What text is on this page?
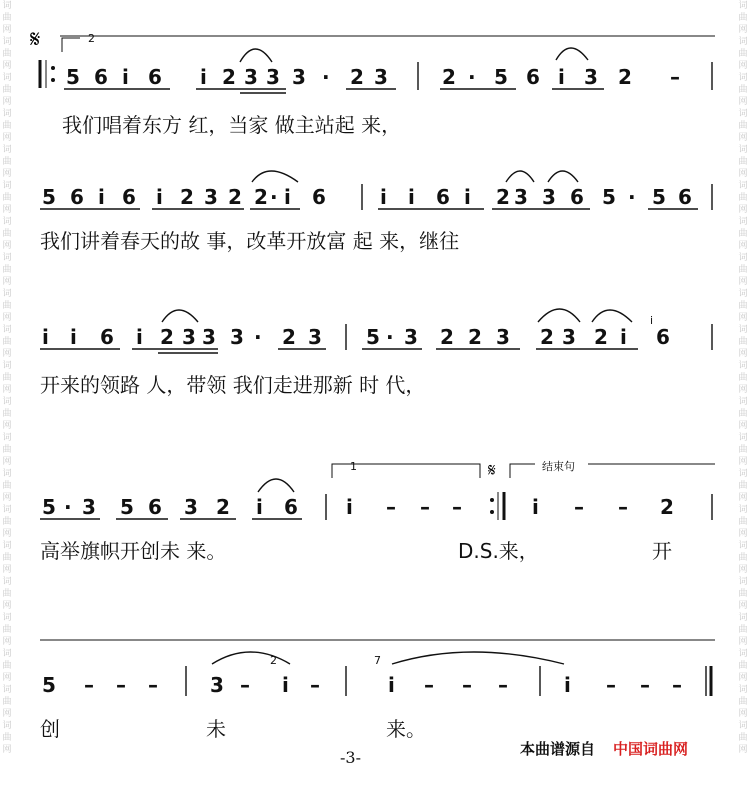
词
曲
网
词
曲
网
词
曲
网
词
曲
网
词
曲
网
词
曲
网
词
曲
网
词
曲
网
词
曲
网
词
曲
网
词
曲
网
词
曲
网
词
曲
网
词
曲
网
词
曲
网
词
曲
网
词
曲
网
词
曲
网
词
曲
网
词
曲
网
词
曲
网
词
曲
网
词
曲
网
词
曲
网
词
曲
网
词
曲
网
词
曲
网
词
曲
网
词
曲
网
词
曲
网
词
曲
网
词
曲
网
词
曲
网
词
曲
网
词
曲
网
词
曲
网
词
曲
网
词
曲
网
词
曲
网
词
曲
网
词
曲
网
词
曲
网
𝄋	2
5 6 i 6 i 2 3 3 3 · 2 3	2 · 5 6 i 3 2 –
我们唱着东方 红，当家 做主站起 来，
5 6 i 6 i 2 3 2 2 · i 6	i i 6 i 2 3 3 6 5 · 5 6
我们讲着春天的故 事，改革开放富 起 来，继往
i i 6 i 2 3 3 3 · 2 3 5 · 3 2 2 3 2 3 2 i
i
6
开来的领路 人，带领 我们走进那新 时 代，
1	𝄋	结束句
5 · 3 5 6 3 2 i 6 i – – –	i – – 2
高举旗帜开创未 来。	D.S.来，	开
5 – – –	3 –
2
i –
7
i – – –	i – – –
创	未	来。
-3-	本曲谱源自 中国词曲网
